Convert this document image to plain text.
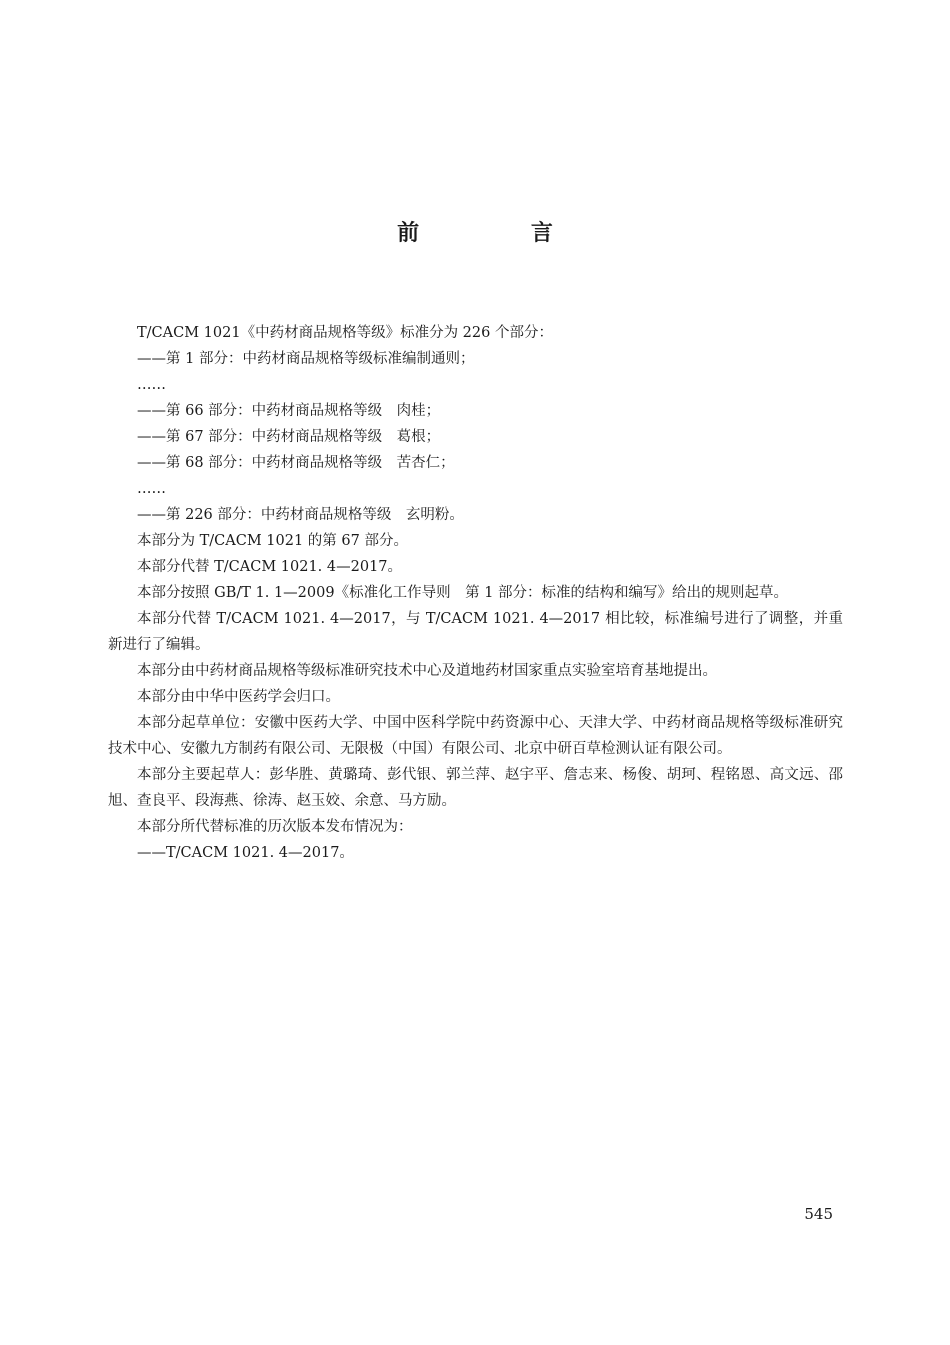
前 言

T/CACM 1021《中药材商品规格等级》标准分为 226 个部分：

——第 1 部分：中药材商品规格等级标准编制通则；

……

——第 66 部分：中药材商品规格等级　肉桂；

——第 67 部分：中药材商品规格等级　葛根；

——第 68 部分：中药材商品规格等级　苦杏仁；

……

——第 226 部分：中药材商品规格等级　玄明粉。

本部分为 T/CACM 1021 的第 67 部分。

本部分代替 T/CACM 1021. 4—2017。

本部分按照 GB/T 1. 1—2009《标准化工作导则　第 1 部分：标准的结构和编写》给出的规则起草。

本部分代替 T/CACM 1021. 4—2017，与 T/CACM 1021. 4—2017 相比较，标准编号进行了调整，并重新进行了编辑。

本部分由中药材商品规格等级标准研究技术中心及道地药材国家重点实验室培育基地提出。

本部分由中华中医药学会归口。

本部分起草单位：安徽中医药大学、中国中医科学院中药资源中心、天津大学、中药材商品规格等级标准研究技术中心、安徽九方制药有限公司、无限极（中国）有限公司、北京中研百草检测认证有限公司。

本部分主要起草人：彭华胜、黄璐琦、彭代银、郭兰萍、赵宇平、詹志来、杨俊、胡珂、程铭恩、高文远、邵旭、查良平、段海燕、徐涛、赵玉姣、余意、马方励。

本部分所代替标准的历次版本发布情况为：

——T/CACM 1021. 4—2017。

545
